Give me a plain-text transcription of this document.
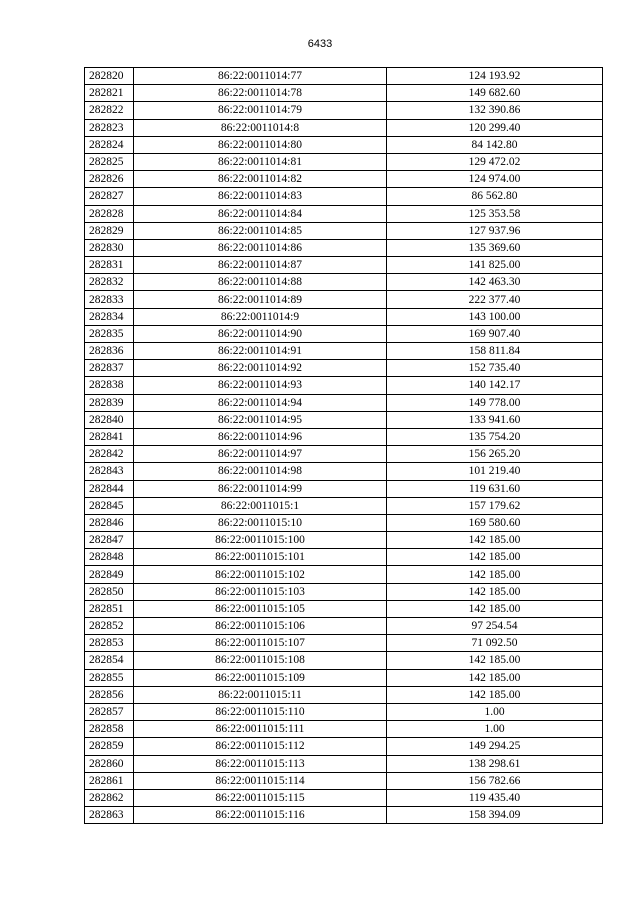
6433
282820	86:22:0011014:77	124 193.92
282821	86:22:0011014:78	149 682.60
282822	86:22:0011014:79	132 390.86
282823	86:22:0011014:8	120 299.40
282824	86:22:0011014:80	84 142.80
282825	86:22:0011014:81	129 472.02
282826	86:22:0011014:82	124 974.00
282827	86:22:0011014:83	86 562.80
282828	86:22:0011014:84	125 353.58
282829	86:22:0011014:85	127 937.96
282830	86:22:0011014:86	135 369.60
282831	86:22:0011014:87	141 825.00
282832	86:22:0011014:88	142 463.30
282833	86:22:0011014:89	222 377.40
282834	86:22:0011014:9	143 100.00
282835	86:22:0011014:90	169 907.40
282836	86:22:0011014:91	158 811.84
282837	86:22:0011014:92	152 735.40
282838	86:22:0011014:93	140 142.17
282839	86:22:0011014:94	149 778.00
282840	86:22:0011014:95	133 941.60
282841	86:22:0011014:96	135 754.20
282842	86:22:0011014:97	156 265.20
282843	86:22:0011014:98	101 219.40
282844	86:22:0011014:99	119 631.60
282845	86:22:0011015:1	157 179.62
282846	86:22:0011015:10	169 580.60
282847	86:22:0011015:100	142 185.00
282848	86:22:0011015:101	142 185.00
282849	86:22:0011015:102	142 185.00
282850	86:22:0011015:103	142 185.00
282851	86:22:0011015:105	142 185.00
282852	86:22:0011015:106	97 254.54
282853	86:22:0011015:107	71 092.50
282854	86:22:0011015:108	142 185.00
282855	86:22:0011015:109	142 185.00
282856	86:22:0011015:11	142 185.00
282857	86:22:0011015:110	1.00
282858	86:22:0011015:111	1.00
282859	86:22:0011015:112	149 294.25
282860	86:22:0011015:113	138 298.61
282861	86:22:0011015:114	156 782.66
282862	86:22:0011015:115	119 435.40
282863	86:22:0011015:116	158 394.09
